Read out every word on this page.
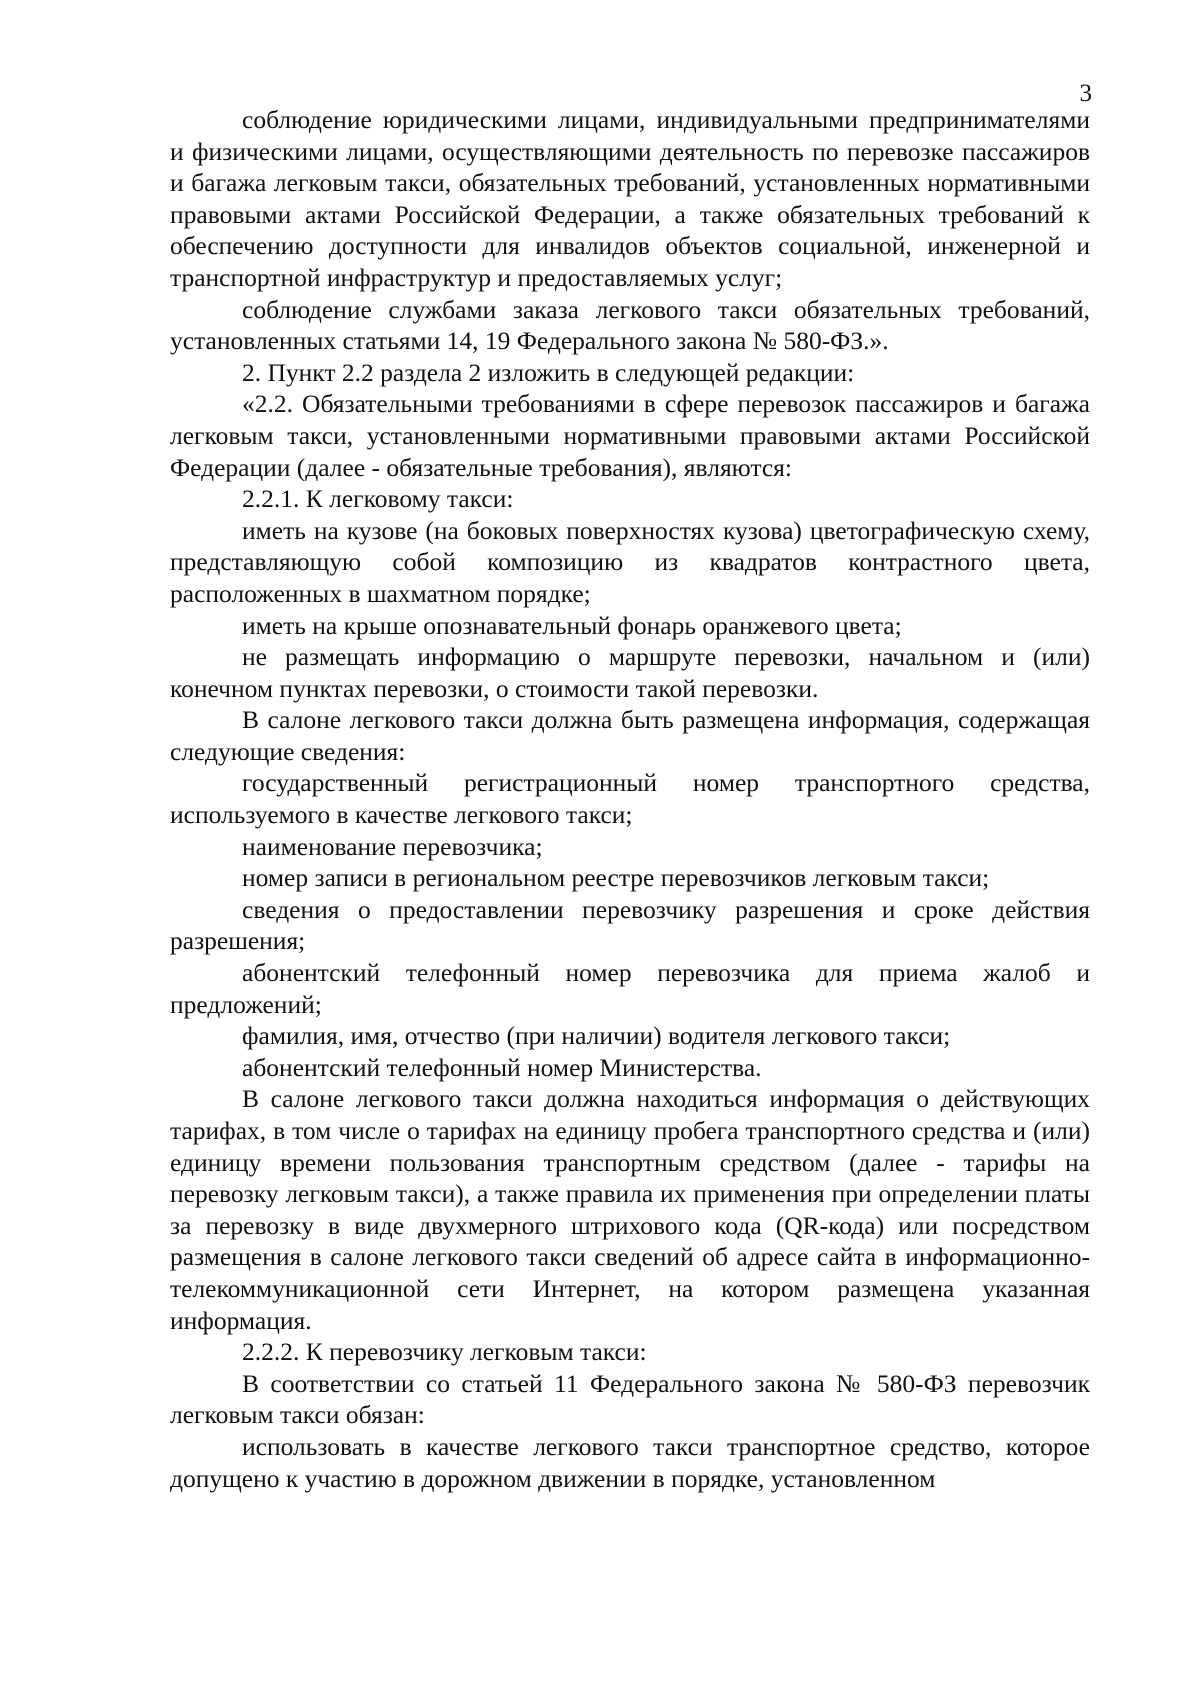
3

соблюдение юридическими лицами, индивидуальными предпринимателями и физическими лицами, осуществляющими деятельность по перевозке пассажиров и багажа легковым такси, обязательных требований, установленных нормативными правовыми актами Российской Федерации, а также обязательных требований к обеспечению доступности для инвалидов объектов социальной, инженерной и транспортной инфраструктур и предоставляемых услуг;

соблюдение службами заказа легкового такси обязательных требований, установленных статьями 14, 19 Федерального закона № 580-ФЗ.».

2. Пункт 2.2 раздела 2 изложить в следующей редакции:

«2.2. Обязательными требованиями в сфере перевозок пассажиров и багажа легковым такси, установленными нормативными правовыми актами Российской Федерации (далее - обязательные требования), являются:

2.2.1. К легковому такси:

иметь на кузове (на боковых поверхностях кузова) цветографическую схему, представляющую собой композицию из квадратов контрастного цвета, расположенных в шахматном порядке;

иметь на крыше опознавательный фонарь оранжевого цвета;

не размещать информацию о маршруте перевозки, начальном и (или) конечном пунктах перевозки, о стоимости такой перевозки.

В салоне легкового такси должна быть размещена информация, содержащая следующие сведения:

государственный регистрационный номер транспортного средства, используемого в качестве легкового такси;

наименование перевозчика;

номер записи в региональном реестре перевозчиков легковым такси;

сведения о предоставлении перевозчику разрешения и сроке действия разрешения;

абонентский телефонный номер перевозчика для приема жалоб и предложений;

фамилия, имя, отчество (при наличии) водителя легкового такси;

абонентский телефонный номер Министерства.

В салоне легкового такси должна находиться информация о действующих тарифах, в том числе о тарифах на единицу пробега транспортного средства и (или) единицу времени пользования транспортным средством (далее - тарифы на перевозку легковым такси), а также правила их применения при определении платы за перевозку в виде двухмерного штрихового кода (QR-кода) или посредством размещения в салоне легкового такси сведений об адресе сайта в информационно-телекоммуникационной сети Интернет, на котором размещена указанная информация.

2.2.2. К перевозчику легковым такси:

В соответствии со статьей 11 Федерального закона № 580-ФЗ перевозчик легковым такси обязан:

использовать в качестве легкового такси транспортное средство, которое допущено к участию в дорожном движении в порядке, установленном
